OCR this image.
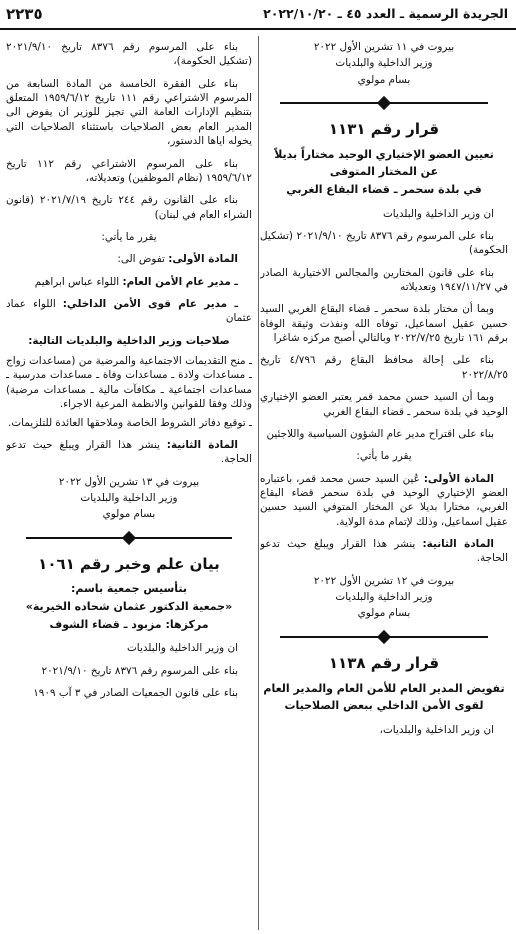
الجريدة الرسمية ـ العدد ٤٥ ـ ٢٠٢٢/١٠/٢٠
٢٢٣٥
بيروت في ١١ تشرين الأول ٢٠٢٢
وزير الداخلية والبلديات
بسام مولوي
قرار رقم ١١٣١
تعيين العضو الإختياري الوحيد مختاراً بديلاً
عن المختار المتوفى
في بلدة سحمر ـ قضاء البقاع الغربي

ان وزير الداخلية والبلديات

بناء على المرسوم رقم ٨٣٧٦ تاريخ ٢٠٢١/٩/١٠ (تشكيل الحكومة)

بناء على قانون المختارين والمجالس الاختيارية الصادر في ١٩٤٧/١١/٢٧ وتعديلاته

وبما أن مختار بلدة سحمر ـ قضاء البقاع الغربي السيد حسين عقيل اسماعيل، توفاه الله ونفذت وثيقة الوفاة برقم ١٦١ تاريخ ٢٠٢٢/٧/٢٥ وبالتالي أصبح مركزه شاغرا

بناء على إحالة محافظ البقاع رقم ٤/٧٩٦ تاريخ ٢٠٢٢/٨/٢٥

وبما أن السيد حسن محمد قمر يعتبر العضو الإختياري الوحيد في بلدة سحمر ـ قضاء البقاع الغربي

بناء على اقتراح مدير عام الشؤون السياسية واللاجئين

يقرر ما يأتي:

المادة الأولى: عُين السيد حسن محمد قمر، باعتباره العضو الإختياري الوحيد في بلدة سحمر قضاء البقاع الغربي، مختارا بديلا عن المختار المتوفي السيد حسين عقيل اسماعيل، وذلك لإتمام مدة الولاية.

المادة الثانية: ينشر هذا القرار ويبلغ حيث تدعو الحاجة.

بيروت في ١٢ تشرين الأول ٢٠٢٢
وزير الداخلية والبلديات
بسام مولوي
قرار رقم ١١٣٨
تفويض المدير العام للأمن العام والمدير العام
لقوى الأمن الداخلي ببعض الصلاحيات

ان وزير الداخلية والبلديات،

بناء على المرسوم رقم ٨٣٧٦ تاريخ ٢٠٢١/٩/١٠ (تشكيل الحكومة)،

بناء على الفقرة الخامسة من المادة السابعة من المرسوم الاشتراعي رقم ١١١ تاريخ ١٩٥٩/٦/١٢ المتعلق بتنظيم الإدارات العامة التي تجيز للوزير ان يفوض الى المدير العام بعض الصلاحيات باستثناء الصلاحيات التي يخوله اياها الدستور،

بناء على المرسوم الاشتراعي رقم ١١٢ تاريخ ١٩٥٩/٦/١٢ (نظام الموظفين) وتعديلاته،

بناء على القانون رقم ٢٤٤ تاريخ ٢٠٢١/٧/١٩ (قانون الشراء العام في لبنان)

يقرر ما يأتي:

المادة الأولى: تفوض الى:

ـ مدير عام الأمن العام: اللواء عباس ابراهيم

ـ مدير عام قوى الأمن الداخلي: اللواء عماد عثمان

صلاحيات وزير الداخلية والبلديات التالية:
ـ منح التقديمات الاجتماعية والمرضية من (مساعدات زواج ـ مساعدات ولادة ـ مساعدات وفاة ـ مساعدات مدرسية ـ مساعدات اجتماعية ـ مكافآت مالية ـ مساعدات مرضية) وذلك وفقا للقوانين والانظمة المرعية الاجراء.
ـ توقيع دفاتر الشروط الخاصة وملاحقها العائدة للتلزيمات.

المادة الثانية: ينشر هذا القرار ويبلغ حيث تدعو الحاجة.

بيروت في ١٣ تشرين الأول ٢٠٢٢
وزير الداخلية والبلديات
بسام مولوي
بيان علم وخبر رقم ١٠٦١
بتأسيس جمعية باسم:
«جمعية الدكتور عثمان شحاده الخيرية»
مركزها: مزبود ـ قضاء الشوف

ان وزير الداخلية والبلديات

بناء على المرسوم رقم ٨٣٧٦ تاريخ ٢٠٢١/٩/١٠

بناء على قانون الجمعيات الصادر في ٣ آب ١٩٠٩
